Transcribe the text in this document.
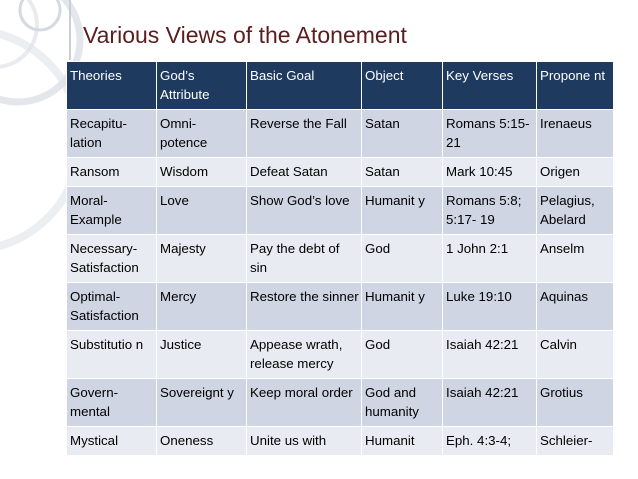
Various Views of the Atonement
Theories	God’s Attribute	Basic Goal	Object	Key Verses	Propone nt
Recapitu- lation	Omni- potence	Reverse the Fall	Satan	Romans 5:15-21	Irenaeus
Ransom	Wisdom	Defeat Satan	Satan	Mark 10:45	Origen
Moral- Example	Love	Show God’s love	Humanit y	Romans 5:8; 5:17- 19	Pelagius, Abelard
Necessary- Satisfaction	Majesty	Pay the debt of sin	God	1 John 2:1	Anselm
Optimal- Satisfaction	Mercy	Restore the sinner	Humanit y	Luke 19:10	Aquinas
Substitutio n	Justice	Appease wrath, release mercy	God	Isaiah 42:21	Calvin
Govern- mental	Sovereignt y	Keep moral order	God and humanity	Isaiah 42:21	Grotius
Mystical	Oneness	Unite us with	Humanit	Eph. 4:3-4;	Schleier-
